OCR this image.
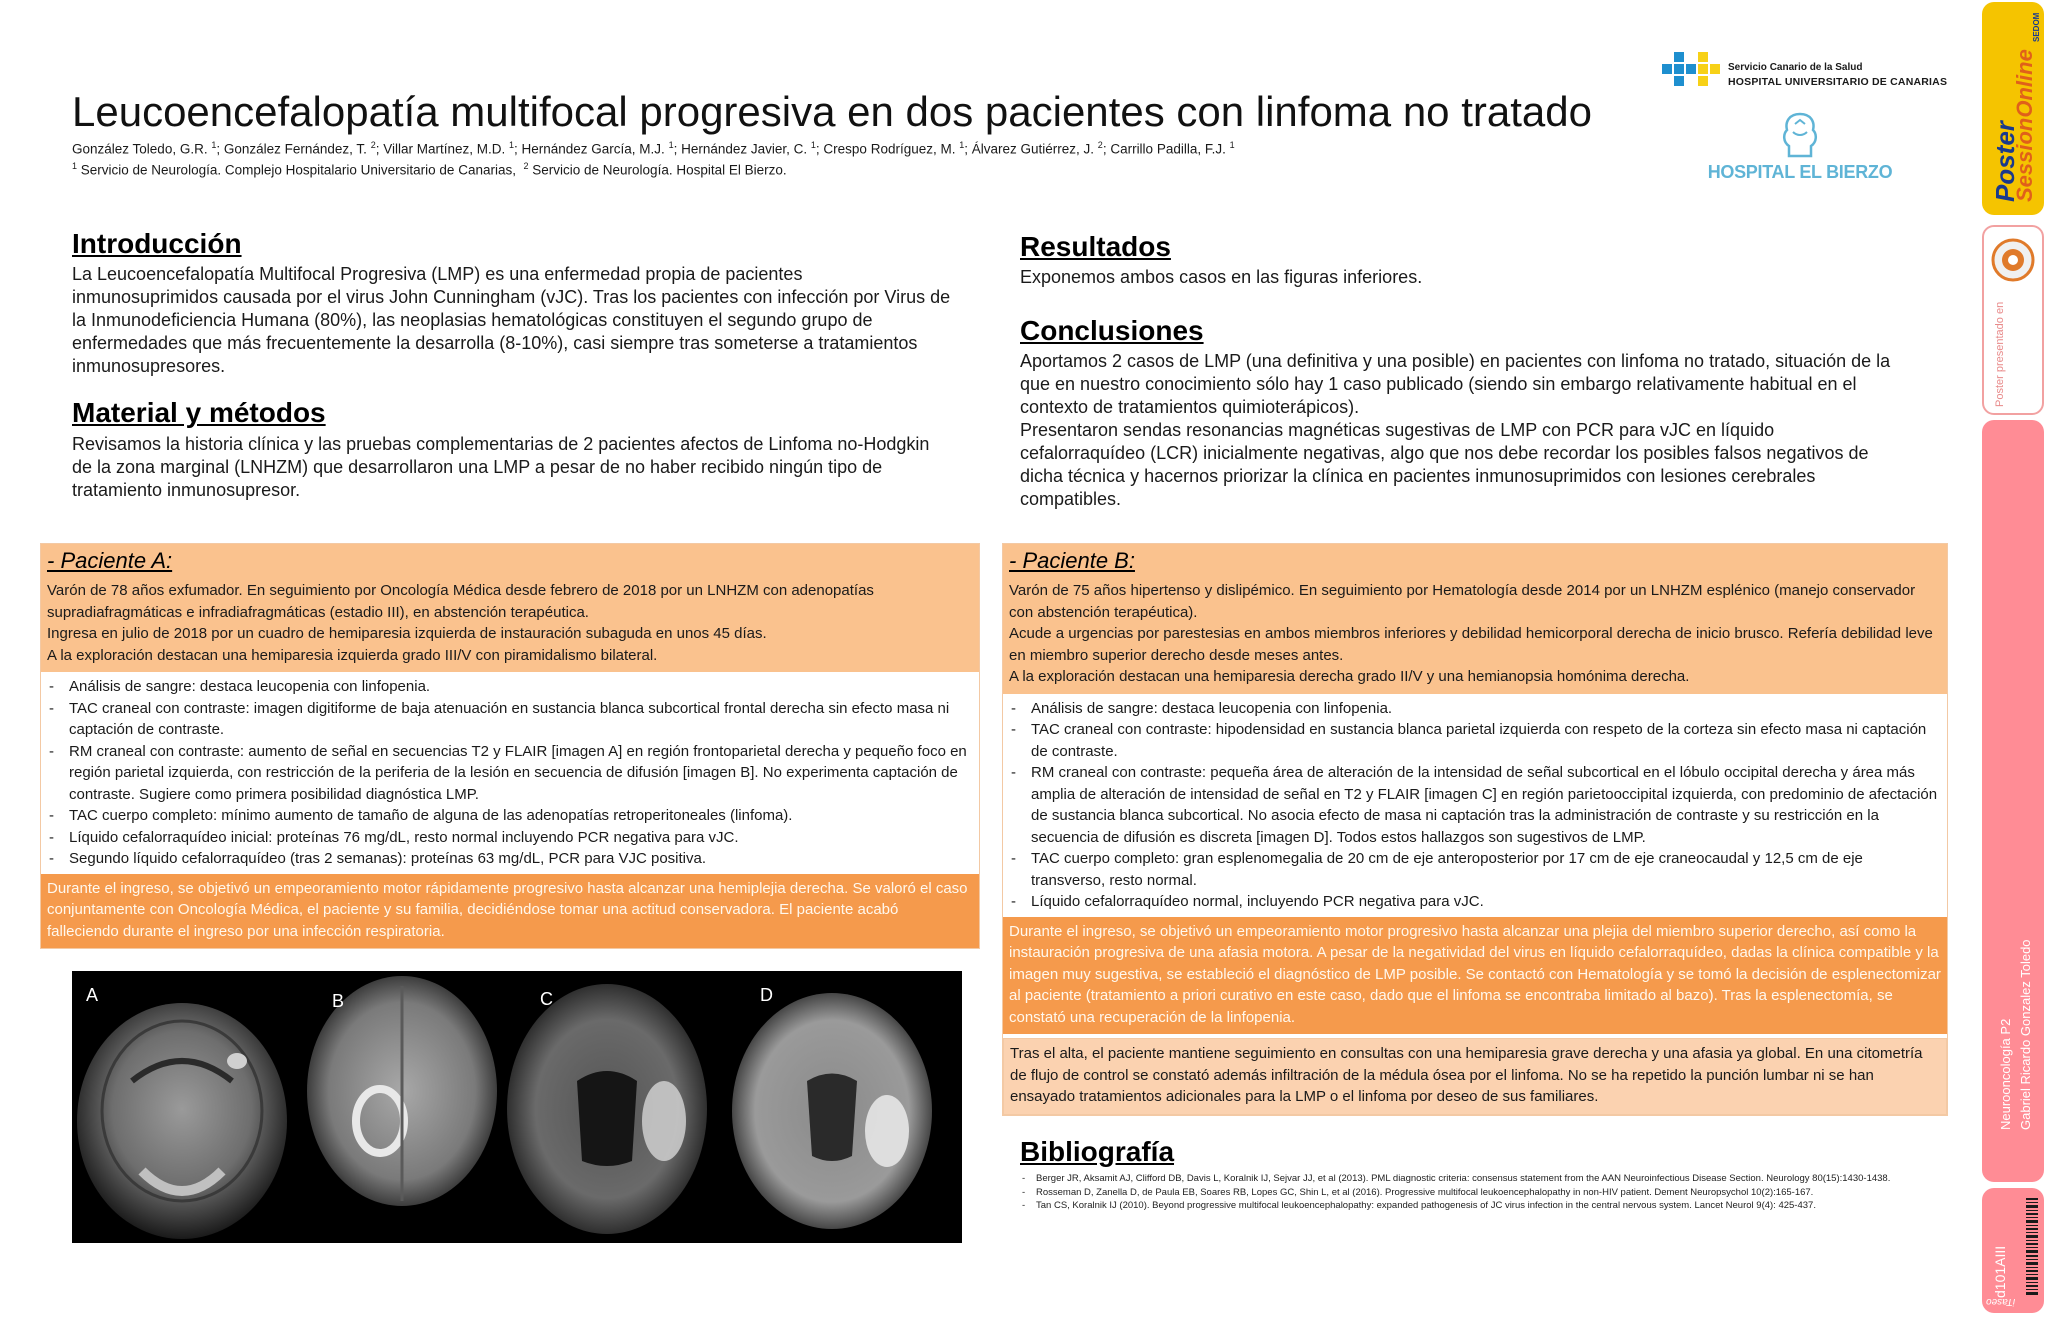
Leucoencefalopatía multifocal progresiva en dos pacientes con linfoma no tratado
González Toledo, G.R. $^1$; González Fernández, T. $^2$; Villar Martínez, M.D. $^1$; Hernández García, M.J. $^1$; Hernández Javier, C. $^1$; Crespo Rodríguez, M. $^1$; Álvarez Gutiérrez, J. $^2$; Carrillo Padilla, F.J. $^1$
$^1$ Servicio de Neurología. Complejo Hospitalario Universitario de Canarias,  $^2$ Servicio de Neurología. Hospital El Bierzo.
Servicio Canario de la Salud
HOSPITAL UNIVERSITARIO DE CANARIAS
HOSPITAL EL BIERZO
Introducción
La Leucoencefalopatía Multifocal Progresiva (LMP) es una enfermedad propia de pacientes inmunosuprimidos causada por el virus John Cunningham (vJC). Tras los pacientes con infección por Virus de la Inmunodeficiencia Humana (80%), las neoplasias hematológicas constituyen el segundo grupo de enfermedades que más frecuentemente la desarrolla (8-10%), casi siempre tras someterse a tratamientos inmunosupresores.
Material y métodos
Revisamos la historia clínica y las pruebas complementarias de 2 pacientes afectos de Linfoma no-Hodgkin de la zona marginal (LNHZM) que desarrollaron una LMP a pesar de no haber recibido ningún tipo de tratamiento inmunosupresor.
Resultados
Exponemos ambos casos en las figuras inferiores.
Conclusiones
Aportamos 2 casos de LMP (una definitiva y una posible) en pacientes con linfoma no tratado, situación de la que en nuestro conocimiento sólo hay 1 caso publicado (siendo sin embargo relativamente habitual en el contexto de tratamientos quimioterápicos).
Presentaron sendas resonancias magnéticas sugestivas de LMP con PCR para vJC en líquido cefalorraquídeo (LCR) inicialmente negativas, algo que nos debe recordar los posibles falsos negativos de dicha técnica y hacernos priorizar la clínica en pacientes inmunosuprimidos con lesiones cerebrales compatibles.
- Paciente A:
Varón de 78 años exfumador. En seguimiento por Oncología Médica desde febrero de 2018 por un LNHZM con adenopatías supradiafragmáticas e infradiafragmáticas (estadio III), en abstención terapéutica.
Ingresa en julio de 2018 por un cuadro de hemiparesia izquierda de instauración subaguda en unos 45 días.
A la exploración destacan una hemiparesia izquierda grado III/V con piramidalismo bilateral.
- Análisis de sangre: destaca leucopenia con linfopenia.
- TAC craneal con contraste: imagen digitiforme de baja atenuación en sustancia blanca subcortical frontal derecha sin efecto masa ni captación de contraste.
- RM craneal con contraste: aumento de señal en secuencias T2 y FLAIR [imagen A] en región frontoparietal derecha y pequeño foco en región parietal izquierda, con restricción de la periferia de la lesión en secuencia de difusión [imagen B]. No experimenta captación de contraste. Sugiere como primera posibilidad diagnóstica LMP.
- TAC cuerpo completo: mínimo aumento de tamaño de alguna de las adenopatías retroperitoneales (linfoma).
- Líquido cefalorraquídeo inicial: proteínas 76 mg/dL, resto normal incluyendo PCR negativa para vJC.
- Segundo líquido cefalorraquídeo (tras 2 semanas): proteínas 63 mg/dL, PCR para VJC positiva.
Durante el ingreso, se objetivó un empeoramiento motor rápidamente progresivo hasta alcanzar una hemiplejia derecha. Se valoró el caso conjuntamente con Oncología Médica, el paciente y su familia, decidiéndose tomar una actitud conservadora. El paciente acabó falleciendo durante el ingreso por una infección respiratoria.
- Paciente B:
Varón de 75 años hipertenso y dislipémico. En seguimiento por Hematología desde 2014 por un LNHZM esplénico (manejo conservador con abstención terapéutica).
Acude a urgencias por parestesias en ambos miembros inferiores y debilidad hemicorporal derecha de inicio brusco. Refería debilidad leve en miembro superior derecho desde meses antes.
A la exploración destacan una hemiparesia derecha grado II/V y una hemianopsia homónima derecha.
- Análisis de sangre: destaca leucopenia con linfopenia.
- TAC craneal con contraste: hipodensidad en sustancia blanca parietal izquierda con respeto de la corteza sin efecto masa ni captación de contraste.
- RM craneal con contraste: pequeña área de alteración de la intensidad de señal subcortical en el lóbulo occipital derecha y área más amplia de alteración de intensidad de señal en T2 y FLAIR [imagen C] en región parietooccipital izquierda, con predominio de afectación de sustancia blanca subcortical. No asocia efecto de masa ni captación tras la administración de contraste y su restricción en la secuencia de difusión es discreta [imagen D]. Todos estos hallazgos son sugestivos de LMP.
- TAC cuerpo completo: gran esplenomegalia de 20 cm de eje anteroposterior por 17 cm de eje craneocaudal y 12,5 cm de eje transverso, resto normal.
- Líquido cefalorraquídeo normal, incluyendo PCR negativa para vJC.
Durante el ingreso, se objetivó un empeoramiento motor progresivo hasta alcanzar una plejia del miembro superior derecho, así como la instauración progresiva de una afasia motora. A pesar de la negatividad del virus en líquido cefalorraquídeo, dadas la clínica compatible y la imagen muy sugestiva, se estableció el diagnóstico de LMP posible. Se contactó con Hematología y se tomó la decisión de esplenectomizar al paciente (tratamiento a priori curativo en este caso, dado que el linfoma se encontraba limitado al bazo). Tras la esplenectomía, se constató una recuperación de la linfopenia.
Tras el alta, el paciente mantiene seguimiento en consultas con una hemiparesia grave derecha y una afasia ya global. En una citometría de flujo de control se constató además infiltración de la médula ósea por el linfoma. No se ha repetido la punción lumbar ni se han ensayado tratamientos adicionales para la LMP o el linfoma por deseo de sus familiares.
A	B	C	D
Bibliografía
- Berger JR, Aksamit AJ, Clifford DB, Davis L, Koralnik IJ, Sejvar JJ, et al (2013). PML diagnostic criteria: consensus statement from the AAN Neuroinfectious Disease Section. Neurology 80(15):1430-1438.
- Rosseman D, Zanella D, de Paula EB, Soares RB, Lopes GC, Shin L, et al (2016). Progressive multifocal leukoencephalopathy in non-HIV patient. Dement Neuropsychol 10(2):165-167.
- Tan CS, Koralnik IJ (2010). Beyond progressive multifocal leukoencephalopathy: expanded pathogenesis of JC virus infection in the central nervous system. Lancet Neurol 9(4): 425-437.
Poster
SessionOnline
SEDOM
Poster presentado en
Neurooncología P2 Gabriel Ricardo Gonzalez Toledo
d101AIII
iTaseo
